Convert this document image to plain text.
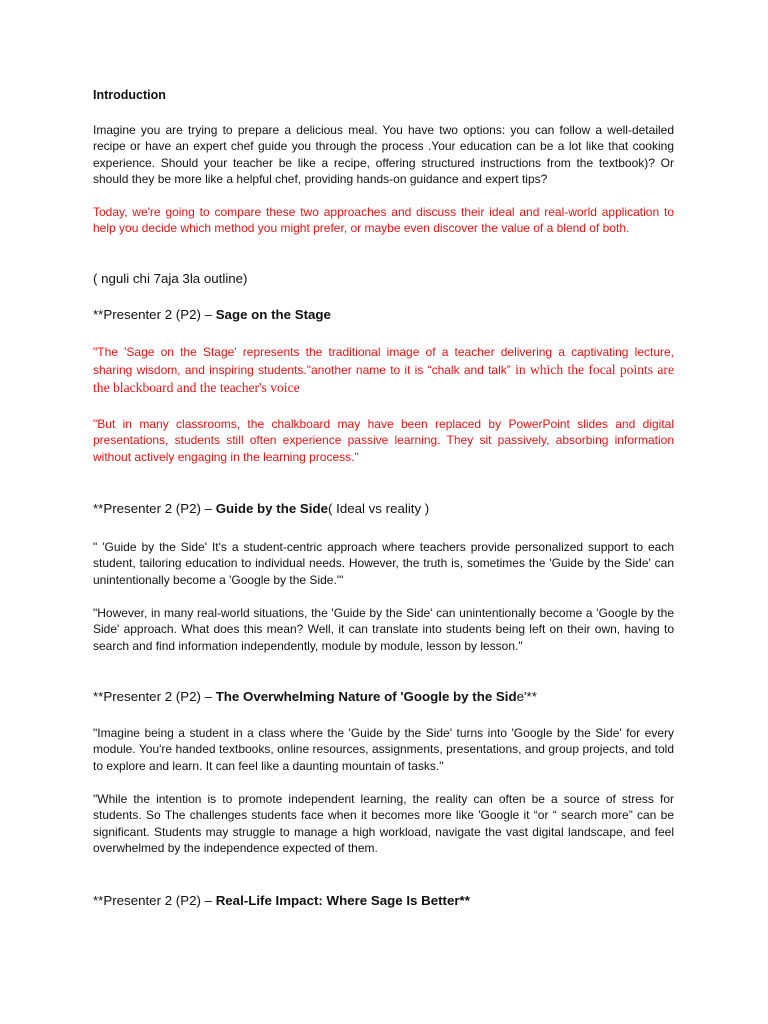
Introduction

Imagine you are trying to prepare a delicious meal. You have two options: you can follow a well-detailed recipe or have an expert chef guide you through the process .Your education can be a lot like that cooking experience. Should your teacher be like a recipe, offering structured instructions from the textbook)? Or should they be more like a helpful chef, providing hands-on guidance and expert tips?

Today, we're going to compare these two approaches and discuss their ideal and real-world application to help you decide which method you might prefer, or maybe even discover the value of a blend of both.

( nguli chi 7aja 3la outline)
**Presenter 2 (P2) – Sage on the Stage

"The 'Sage on the Stage' represents the traditional image of a teacher delivering a captivating lecture, sharing wisdom, and inspiring students."another name to it is “chalk and talk” in which the focal points are the blackboard and the teacher's voice

"But in many classrooms, the chalkboard may have been replaced by PowerPoint slides and digital presentations, students still often experience passive learning. They sit passively, absorbing information without actively engaging in the learning process."

**Presenter 2 (P2) – Guide by the Side( Ideal vs reality )

" 'Guide by the Side' It's a student-centric approach where teachers provide personalized support to each student, tailoring education to individual needs. However, the truth is, sometimes the 'Guide by the Side' can unintentionally become a 'Google by the Side.'"

"However, in many real-world situations, the 'Guide by the Side' can unintentionally become a 'Google by the Side' approach. What does this mean? Well, it can translate into students being left on their own, having to search and find information independently, module by module, lesson by lesson."

**Presenter 2 (P2) – The Overwhelming Nature of 'Google by the Side'**

"Imagine being a student in a class where the 'Guide by the Side' turns into 'Google by the Side' for every module. You're handed textbooks, online resources, assignments, presentations, and group projects, and told to explore and learn. It can feel like a daunting mountain of tasks."

"While the intention is to promote independent learning, the reality can often be a source of stress for students. So The challenges students face when it becomes more like 'Google it “or “ search more” can be significant. Students may struggle to manage a high workload, navigate the vast digital landscape, and feel overwhelmed by the independence expected of them.

**Presenter 2 (P2) – Real-Life Impact: Where Sage Is Better**
